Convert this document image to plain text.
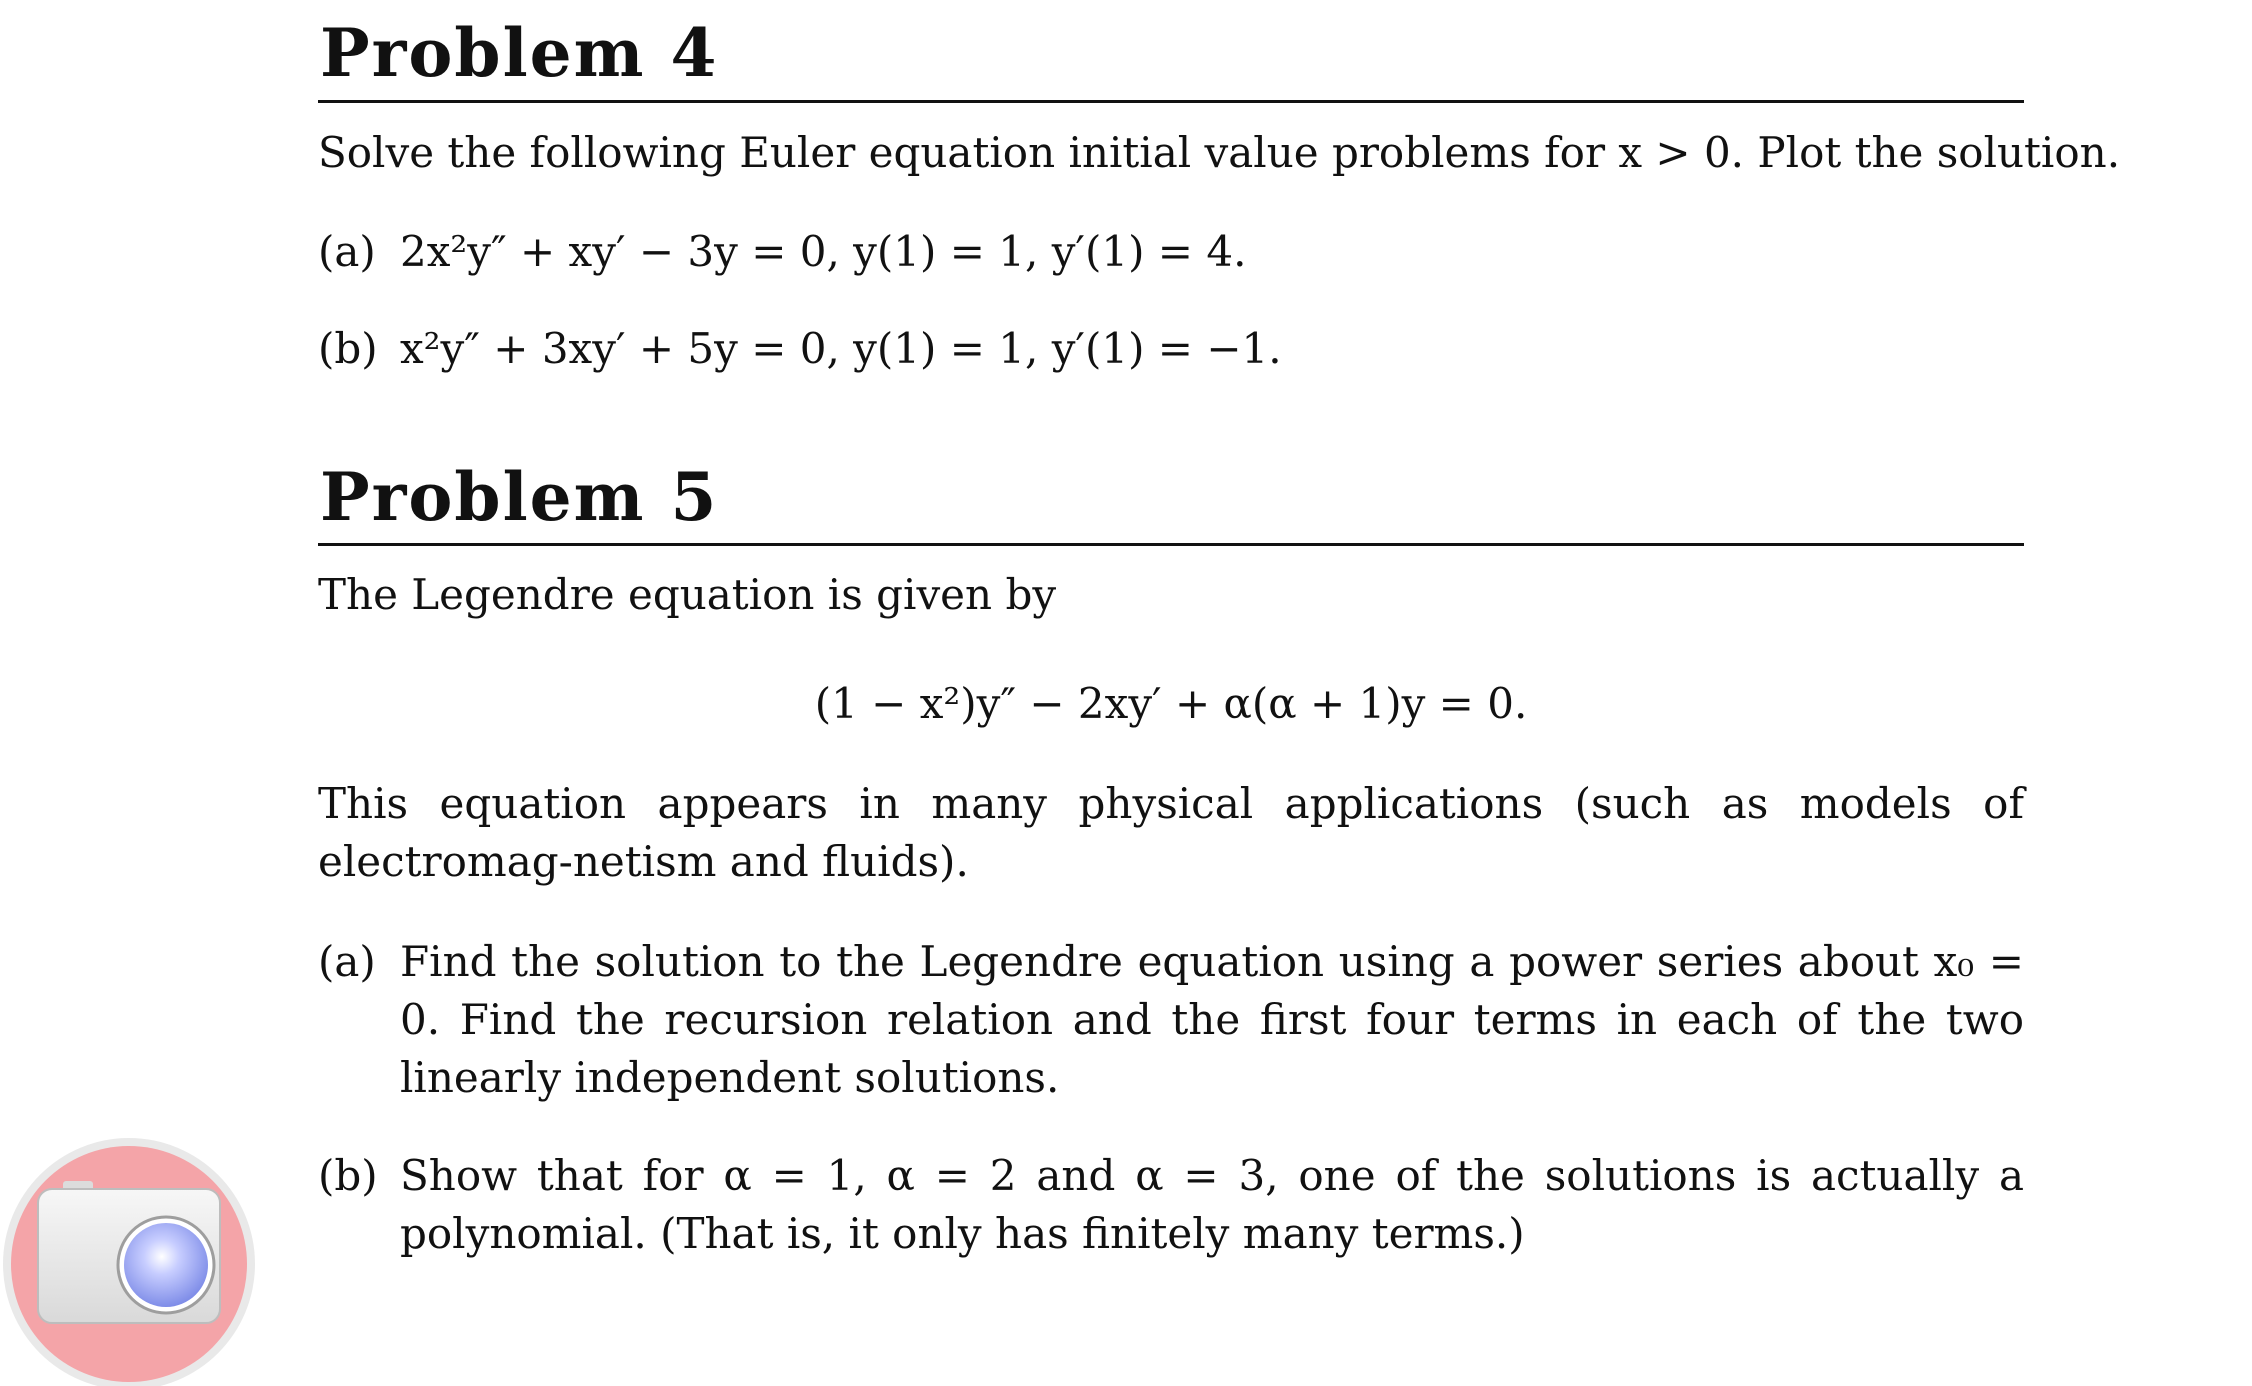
Problem 4
Solve the following Euler equation initial value problems for x > 0. Plot the solution.
(a) 2x²y″ + xy′ − 3y = 0, y(1) = 1, y′(1) = 4.
(b) x²y″ + 3xy′ + 5y = 0, y(1) = 1, y′(1) = −1.
Problem 5
The Legendre equation is given by
(1 − x²)y″ − 2xy′ + α(α + 1)y = 0.
This equation appears in many physical applications (such as models of electromag-netism and fluids).
(a) Find the solution to the Legendre equation using a power series about x₀ = 0. Find the recursion relation and the first four terms in each of the two linearly independent solutions.
(b) Show that for α = 1, α = 2 and α = 3, one of the solutions is actually a polynomial. (That is, it only has finitely many terms.)
